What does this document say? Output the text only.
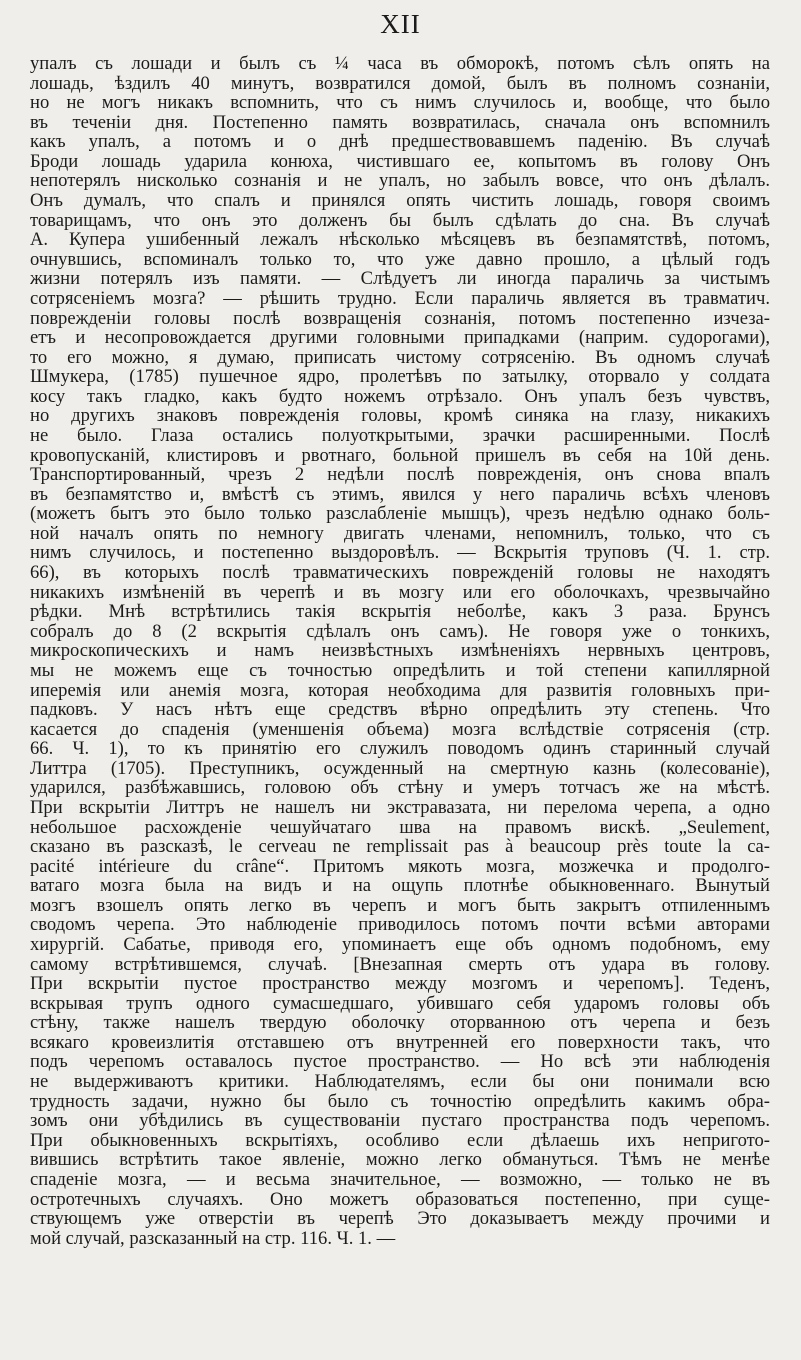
XII
упалъ съ лошади и былъ съ ¼ часа въ обморокѣ, потомъ сѣлъ опять на
лошадь, ѣздилъ 40 минутъ, возвратился домой, былъ въ полномъ сознаніи,
но не могъ никакъ вспомнить, что съ нимъ случилось и, вообще, что было
въ теченіи дня. Постепенно память возвратилась, сначала онъ вспомнилъ
какъ упалъ, а потомъ и о днѣ предшествовавшемъ паденію. Въ случаѣ
Броди лошадь ударила конюха, чистившаго ее, копытомъ въ голову Онъ
непотерялъ нисколько сознанія и не упалъ, но забылъ вовсе, что онъ дѣлалъ.
Онъ думалъ, что спалъ и принялся опять чистить лошадь, говоря своимъ
товарищамъ, что онъ это долженъ бы былъ сдѣлать до сна. Въ случаѣ
А. Купера ушибенный лежалъ нѣсколько мѣсяцевъ въ безпамятствѣ, потомъ,
очнувшись, вспоминалъ только то, что уже давно прошло, а цѣлый годъ
жизни потерялъ изъ памяти. — Слѣдуетъ ли иногда параличь за чистымъ
сотрясеніемъ мозга? — рѣшить трудно. Если параличь является въ травматич.
поврежденіи головы послѣ возвращенія сознанія, потомъ постепенно изчеза-
етъ и несопровождается другими головными припадками (наприм. судорогами),
то его можно, я думаю, приписать чистому сотрясенію. Въ одномъ случаѣ
Шмукера, (1785) пушечное ядро, пролетѣвъ по затылку, оторвало у солдата
косу такъ гладко, какъ будто ножемъ отрѣзало. Онъ упалъ безъ чувствъ,
но другихъ знаковъ поврежденія головы, кромѣ синяка на глазу, никакихъ
не было. Глаза остались полуоткрытыми, зрачки расширенными. Послѣ
кровопусканій, клистировъ и рвотнаго, больной пришелъ въ себя на 10й день.
Транспортированный, чрезъ 2 недѣли послѣ поврежденія, онъ снова впалъ
въ безпамятство и, вмѣстѣ съ этимъ, явился у него параличь всѣхъ членовъ
(можетъ бытъ это было только разслабленіе мышцъ), чрезъ недѣлю однако боль-
ной началъ опять по немногу двигать членами, непомнилъ, только, что съ
нимъ случилось, и постепенно выздоровѣлъ. — Вскрытія труповъ (Ч. 1. стр.
66), въ которыхъ послѣ травматическихъ поврежденій головы не находятъ
никакихъ измѣненій въ черепѣ и въ мозгу или его оболочкахъ, чрезвычайно
рѣдки. Мнѣ встрѣтились такія вскрытія неболѣе, какъ 3 раза. Брунсъ
собралъ до 8 (2 вскрытія сдѣлалъ онъ самъ). Не говоря уже о тонкихъ,
микроскопическихъ и намъ неизвѣстныхъ измѣненіяхъ нервныхъ центровъ,
мы не можемъ еще съ точностью опредѣлить и той степени капиллярной
иперемія или анемія мозга, которая необходима для развитія головныхъ при-
падковъ. У насъ нѣтъ еще средствъ вѣрно опредѣлить эту степень. Что
касается до спаденія (уменшенія объема) мозга вслѣдствіе сотрясенія (стр.
66. Ч. 1), то къ принятію его служилъ поводомъ одинъ старинный случай
Литтра (1705). Преступникъ, осужденный на смертную казнь (колесованіе),
ударился, разбѣжавшись, головою объ стѣну и умеръ тотчасъ же на мѣстѣ.
При вскрытіи Литтръ не нашелъ ни экстравазата, ни перелома черепа, а одно
небольшое расхожденіе чешуйчатаго шва на правомъ вискѣ. „Seulement,
сказано въ разсказѣ, le cerveau ne remplissait pas à beaucoup près toute la ca-
pacité intérieure du crâne“. Притомъ мякоть мозга, мозжечка и продолго-
ватаго мозга была на видъ и на ощупь плотнѣе обыкновеннаго. Вынутый
мозгъ взошелъ опять легко въ черепъ и могъ быть закрытъ отпиленнымъ
сводомъ черепа. Это наблюденіе приводилось потомъ почти всѣми авторами
хирургій. Сабатье, приводя его, упоминаетъ еще объ одномъ подобномъ, ему
самому встрѣтившемся, случаѣ. [Внезапная смерть отъ удара въ голову.
При вскрытіи пустое пространство между мозгомъ и черепомъ]. Теденъ,
вскрывая трупъ одного сумасшедшаго, убившаго себя ударомъ головы объ
стѣну, также нашелъ твердую оболочку оторванною отъ черепа и безъ
всякаго кровеизлитія отставшею отъ внутренней его поверхности такъ, что
подъ черепомъ оставалось пустое пространство. — Но всѣ эти наблюденія
не выдерживаютъ критики. Наблюдателямъ, если бы они понимали всю
трудность задачи, нужно бы было съ точностію опредѣлить какимъ обра-
зомъ они убѣдились въ существованіи пустаго пространства подъ черепомъ.
При обыкновенныхъ вскрытіяхъ, особливо если дѣлаешь ихъ непригото-
вившись встрѣтить такое явленіе, можно легко обмануться. Тѣмъ не менѣе
спаденіе мозга, — и весьма значительное, — возможно, — только не въ
остротечныхъ случаяхъ. Оно можетъ образоваться постепенно, при суще-
ствующемъ уже отверстіи въ черепѣ Это доказываетъ между прочими и
мой случай, разсказанный на стр. 116. Ч. 1. —
